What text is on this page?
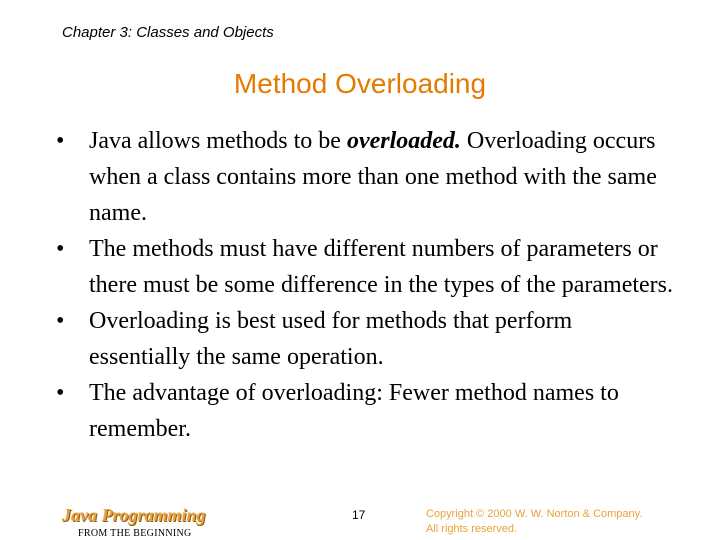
Chapter 3: Classes and Objects
Method Overloading
• Java allows methods to be overloaded. Overloading occurs when a class contains more than one method with the same name.
• The methods must have different numbers of parameters or there must be some difference in the types of the parameters.
• Overloading is best used for methods that perform essentially the same operation.
• The advantage of overloading: Fewer method names to remember.
Java Programming
FROM THE BEGINNING
17	Copyright © 2000 W. W. Norton & Company.
All rights reserved.
